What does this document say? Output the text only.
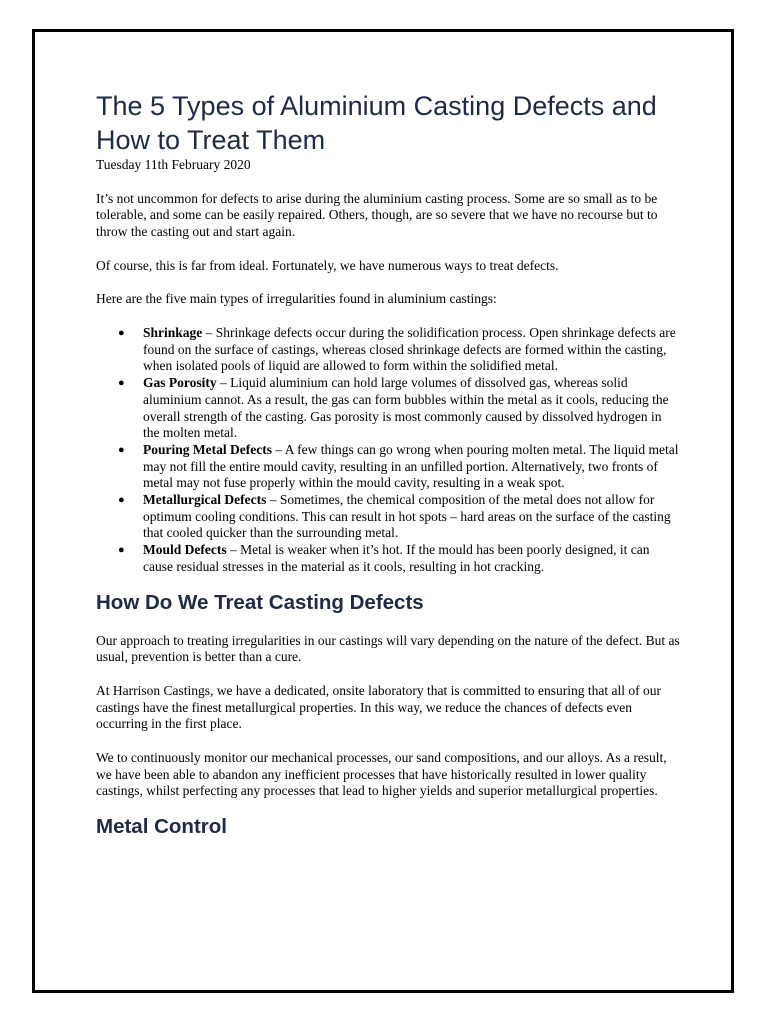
The 5 Types of Aluminium Casting Defects and How to Treat Them
Tuesday 11th February 2020

It’s not uncommon for defects to arise during the aluminium casting process. Some are so small as to be tolerable, and some can be easily repaired. Others, though, are so severe that we have no recourse but to throw the casting out and start again.

Of course, this is far from ideal. Fortunately, we have numerous ways to treat defects.

Here are the five main types of irregularities found in aluminium castings:

● Shrinkage – Shrinkage defects occur during the solidification process. Open shrinkage defects are found on the surface of castings, whereas closed shrinkage defects are formed within the casting, when isolated pools of liquid are allowed to form within the solidified metal.
● Gas Porosity – Liquid aluminium can hold large volumes of dissolved gas, whereas solid aluminium cannot. As a result, the gas can form bubbles within the metal as it cools, reducing the overall strength of the casting. Gas porosity is most commonly caused by dissolved hydrogen in the molten metal.
● Pouring Metal Defects – A few things can go wrong when pouring molten metal. The liquid metal may not fill the entire mould cavity, resulting in an unfilled portion. Alternatively, two fronts of metal may not fuse properly within the mould cavity, resulting in a weak spot.
● Metallurgical Defects – Sometimes, the chemical composition of the metal does not allow for optimum cooling conditions. This can result in hot spots – hard areas on the surface of the casting that cooled quicker than the surrounding metal.
● Mould Defects – Metal is weaker when it’s hot. If the mould has been poorly designed, it can cause residual stresses in the material as it cools, resulting in hot cracking.
How Do We Treat Casting Defects

Our approach to treating irregularities in our castings will vary depending on the nature of the defect. But as usual, prevention is better than a cure.

At Harrison Castings, we have a dedicated, onsite laboratory that is committed to ensuring that all of our castings have the finest metallurgical properties. In this way, we reduce the chances of defects even occurring in the first place.

We to continuously monitor our mechanical processes, our sand compositions, and our alloys. As a result, we have been able to abandon any inefficient processes that have historically resulted in lower quality castings, whilst perfecting any processes that lead to higher yields and superior metallurgical properties.

Metal Control
